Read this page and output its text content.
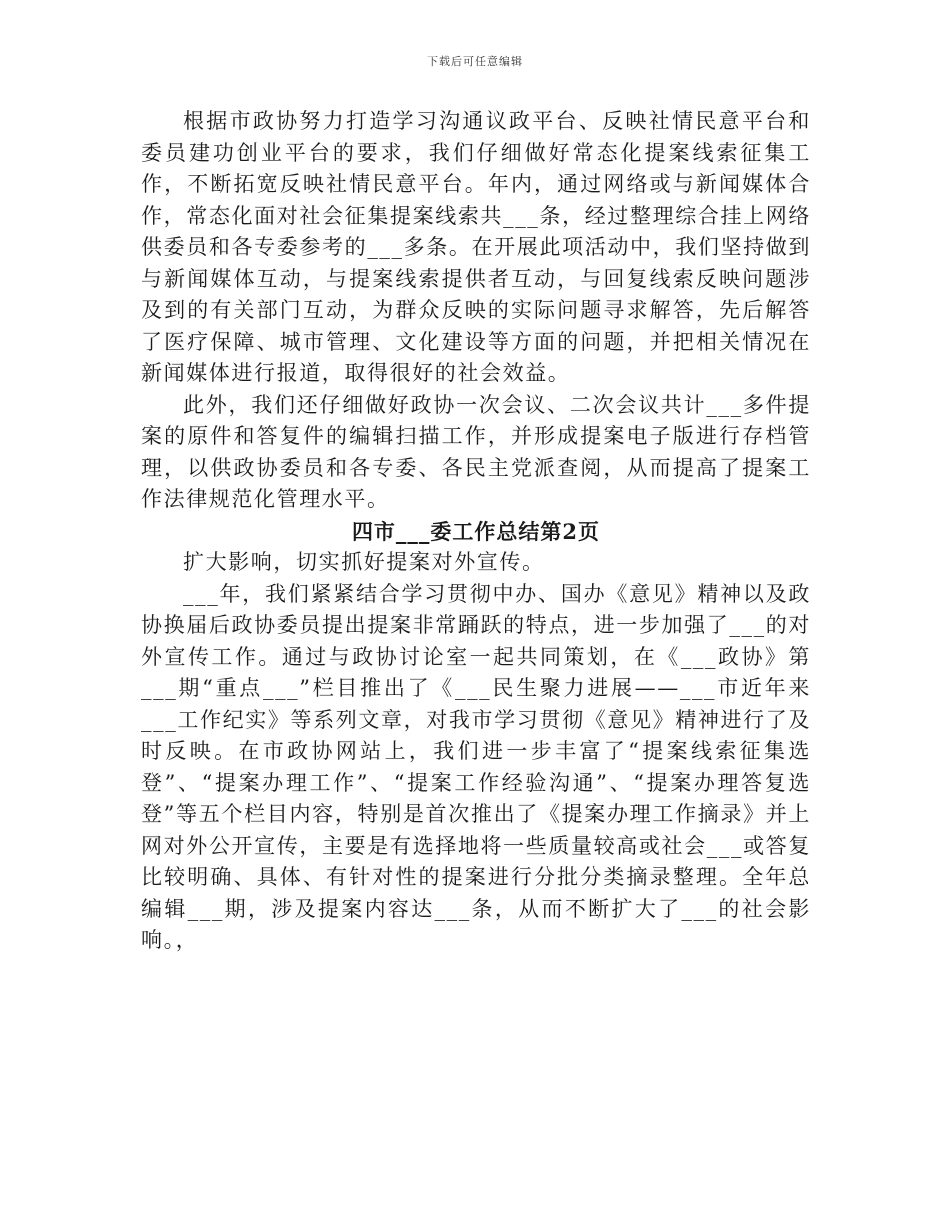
下载后可任意编辑

根据市政协努力打造学习沟通议政平台、反映社情民意平台和委员建功创业平台的要求，我们仔细做好常态化提案线索征集工作，不断拓宽反映社情民意平台。年内，通过网络或与新闻媒体合作，常态化面对社会征集提案线索共___条，经过整理综合挂上网络供委员和各专委参考的___多条。在开展此项活动中，我们坚持做到与新闻媒体互动，与提案线索提供者互动，与回复线索反映问题涉及到的有关部门互动，为群众反映的实际问题寻求解答，先后解答了医疗保障、城市管理、文化建设等方面的问题，并把相关情况在新闻媒体进行报道，取得很好的社会效益。

此外，我们还仔细做好政协一次会议、二次会议共计___多件提案的原件和答复件的编辑扫描工作，并形成提案电子版进行存档管理，以供政协委员和各专委、各民主党派查阅，从而提高了提案工作法律规范化管理水平。

四市___委工作总结第2页

扩大影响，切实抓好提案对外宣传。

___年，我们紧紧结合学习贯彻中办、国办《意见》精神以及政协换届后政协委员提出提案非常踊跃的特点，进一步加强了___的对外宣传工作。通过与政协讨论室一起共同策划，在《___政协》第___期“重点___”栏目推出了《___民生聚力进展——___市近年来___工作纪实》等系列文章，对我市学习贯彻《意见》精神进行了及时反映。在市政协网站上，我们进一步丰富了“提案线索征集选登”、“提案办理工作”、“提案工作经验沟通”、“提案办理答复选登”等五个栏目内容，特别是首次推出了《提案办理工作摘录》并上网对外公开宣传，主要是有选择地将一些质量较高或社会___或答复比较明确、具体、有针对性的提案进行分批分类摘录整理。全年总编辑___期，涉及提案内容达___条，从而不断扩大了___的社会影响。，
